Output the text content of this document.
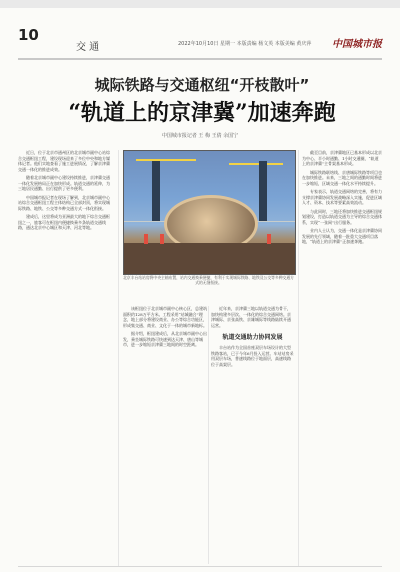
10
交 通	2022年10月10日 星期一 本版责编 杨文英 本版美编 黄庆萍	中国城市报
城际铁路与交通枢纽“开枝散叶”
“轨道上的京津冀”加速奔跑
中国城市报记者 王 梅 王倩 余国宁

近日，位于北京市通州区的北京城市副中心站综合交通枢纽工程，建设现场迎来了多位中央和地方媒体记者。他们实地查看了施工进展情况，了解京津冀交通一体化的推进成效。

随着北京城市副中心建设持续推进，京津冀交通一体化发展格局正在加快形成。轨道交通的延伸，为三地居民通勤、出行提供了更多便利。

中国城市报记者在现场了解到，北京城市副中心站综合交通枢纽工程主体结构已全部封顶，将实现城际铁路、地铁、公交等多种交通方式一体化衔接。

建成后，这里将成为亚洲最大的地下综合交通枢纽之一，旅客可在枢纽内便捷换乘多条轨道交通线路，通达北京中心城区和天津、河北等地。

北京丰台站站房将中央主轴布置，站内交通换乘便捷，有利于实现城际铁路、地铁及公交等多种交通方式的无缝衔接。

该枢纽位于北京城市副中心核心区，总建筑面积约128万平方米。工程采用“站城融合”理念，地上部分将建设商业、办公等综合功能区，形成集交通、商业、文化于一体的城市新地标。

据介绍，枢纽建成后，从北京城市副中心出发，乘坐城际铁路可快速到达天津、唐山等城市，进一步缩短京津冀三地间的时空距离。

近年来，京津冀三地以轨道交通为骨干，加快构建多层次、一体化的综合交通网络。京津城际、京张高铁、京雄城际等线路陆续开通运营。

轨道交通助力协同发展

丰台站作为全国首座双层车场设计的大型铁路客站，已于今年6月投入运营。车站站房采用双层车场，普速线路位于地面层，高速线路位于高架层。

截至目前，京津冀地区已基本形成以北京为中心、半小时通勤、1小时交通圈，“轨道上的京津冀”主骨架基本形成。

城际铁路联络线、京唐城际铁路等项目也在加快推进。未来，三地之间的通勤时间将进一步缩短，区域交通一体化水平持续提升。

专家表示，轨道交通网络的完善，将有力支撑京津冀协同发展战略深入实施，促进区域人才、资本、技术等要素高效流动。

与此同时，三地还将加快推进交通枢纽规划建设，打造以轨道交通为主导的综合交通体系，实现“一张网”出行服务。

业内人士认为，交通一体化是京津冀协同发展的先行领域，随着一批重大交通项目落地，“轨道上的京津冀”正加速奔跑。
